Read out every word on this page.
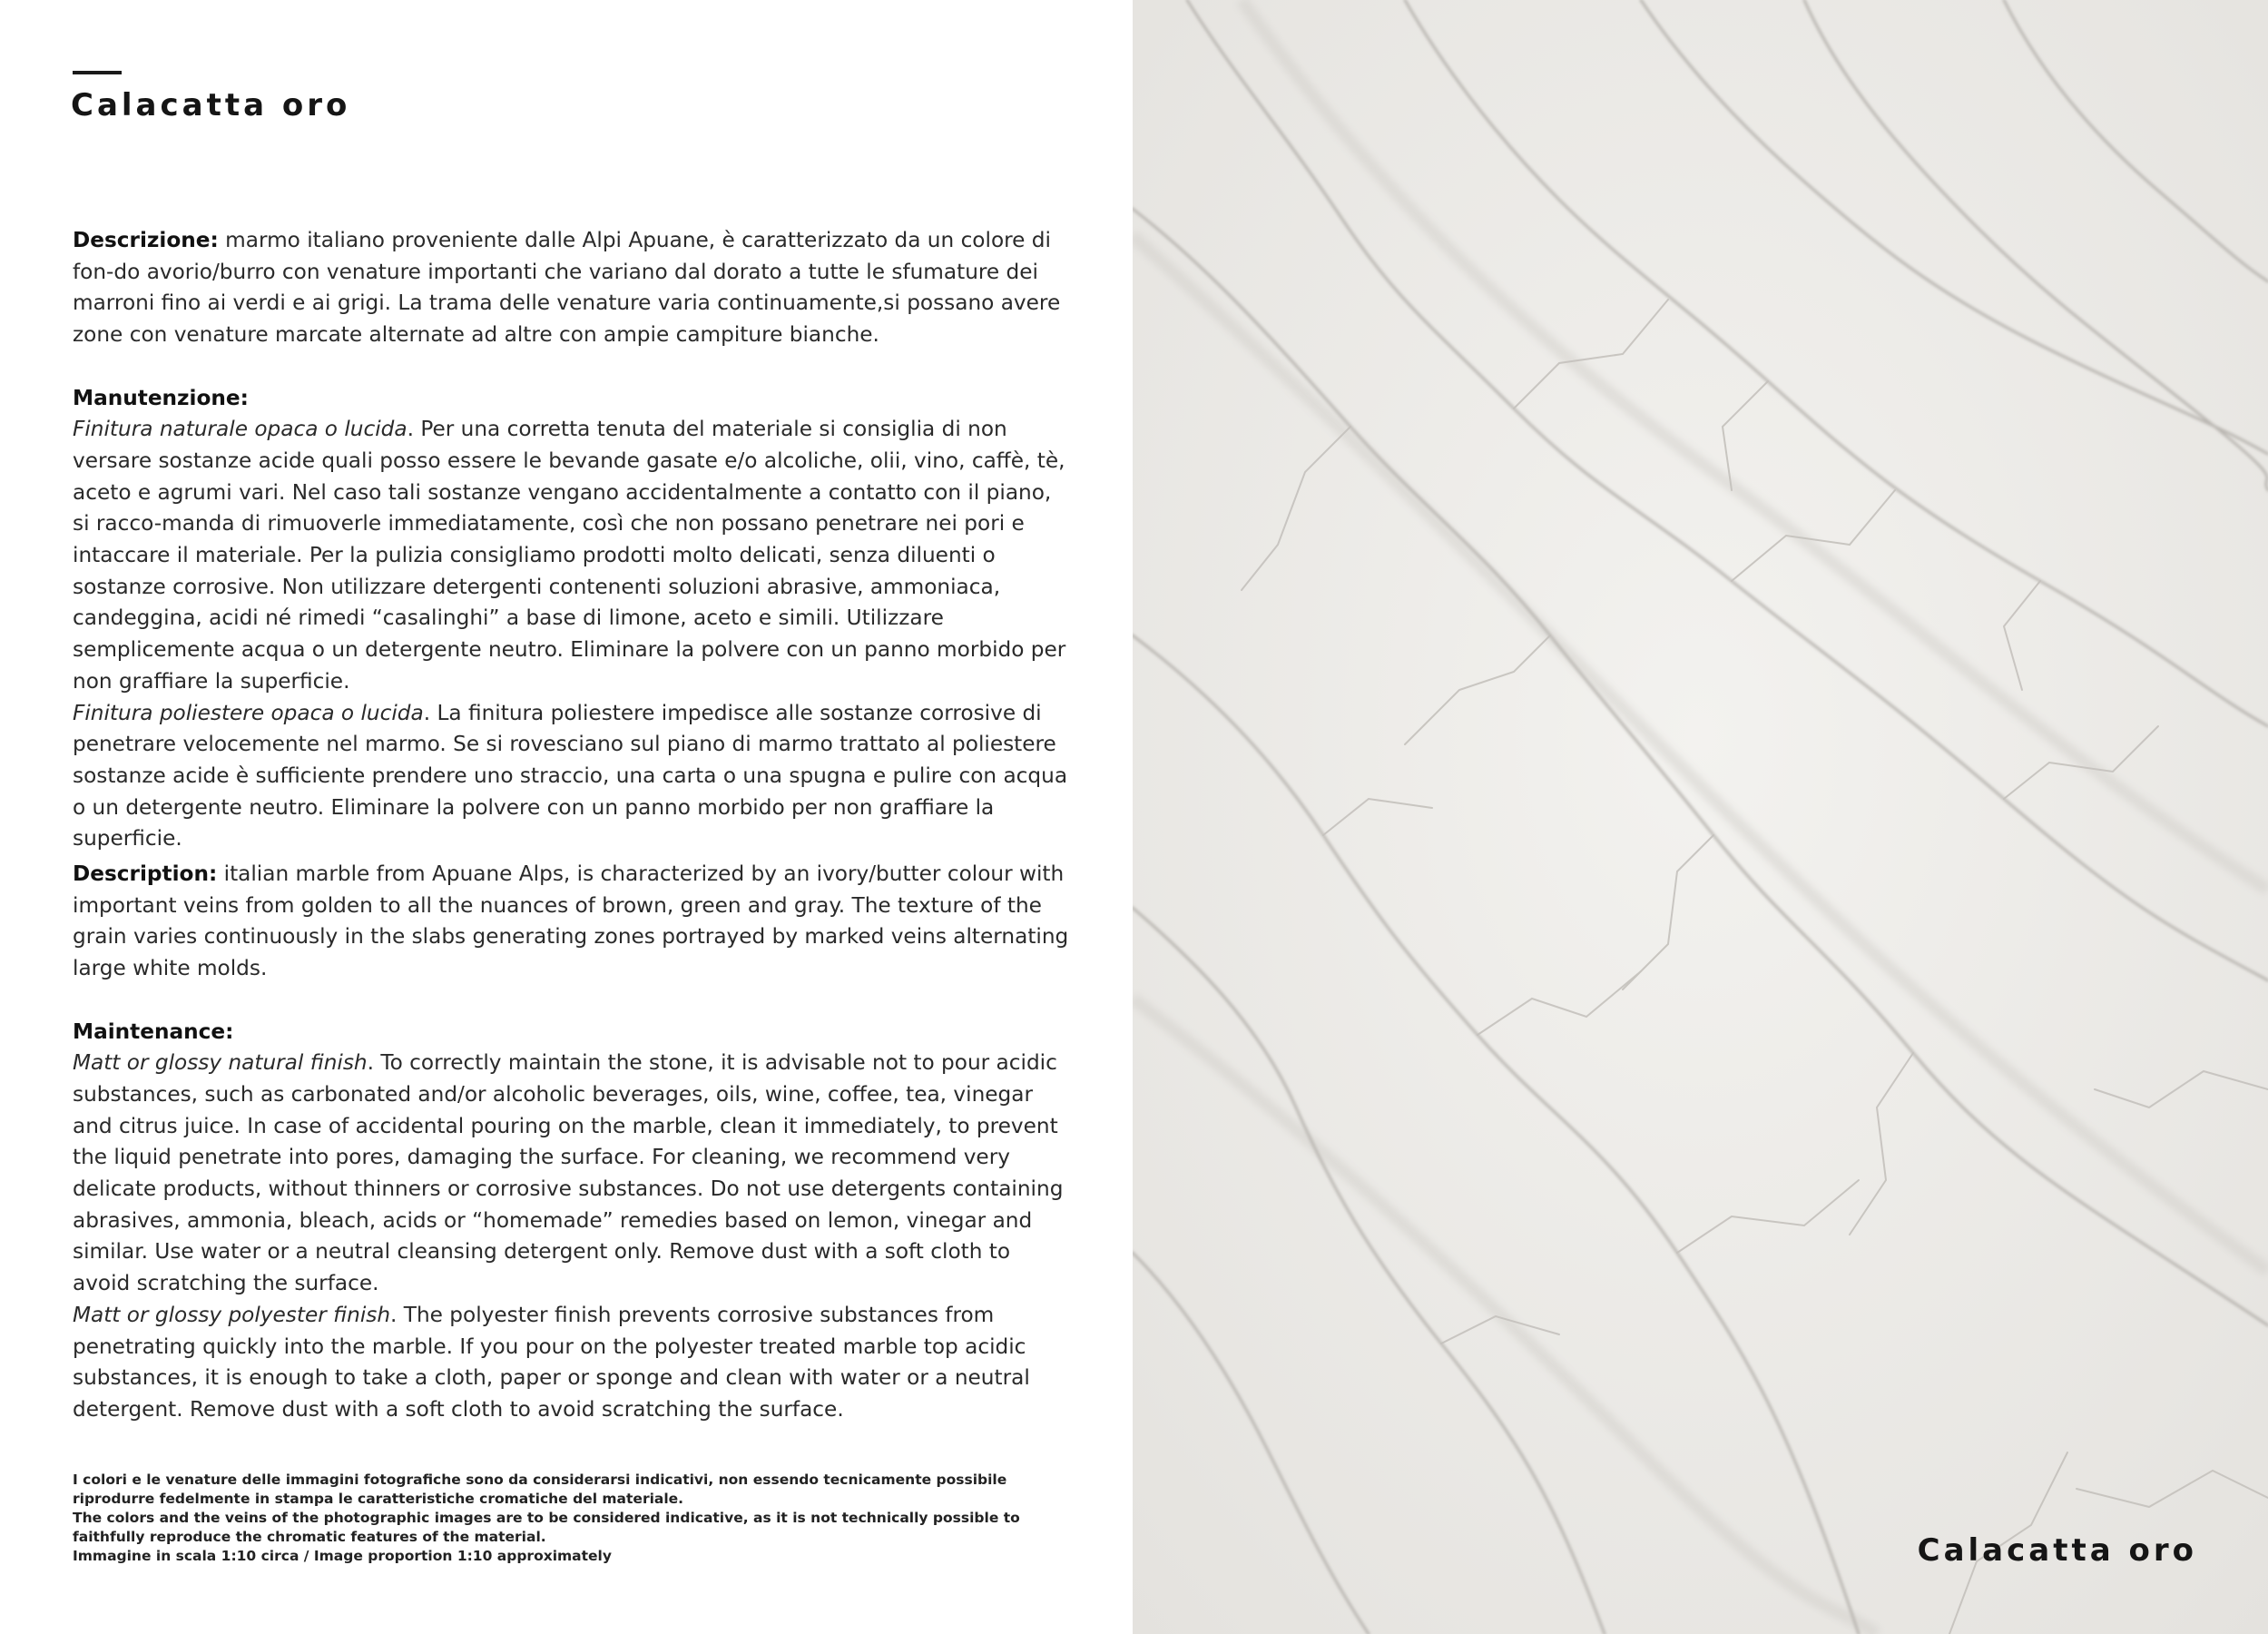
Calacatta oro

Descrizione: marmo italiano proveniente dalle Alpi Apuane, è caratterizzato da un colore di fon-do avorio/burro con venature importanti che variano dal dorato a tutte le sfumature dei marroni fino ai verdi e ai grigi. La trama delle venature varia continuamente,si possano avere zone con venature marcate alternate ad altre con ampie campiture bianche.

Manutenzione:

Finitura naturale opaca o lucida. Per una corretta tenuta del materiale si consiglia di non versare sostanze acide quali posso essere le bevande gasate e/o alcoliche, olii, vino, caffè, tè, aceto e agrumi vari. Nel caso tali sostanze vengano accidentalmente a contatto con il piano, si racco-manda di rimuoverle immediatamente, così che non possano penetrare nei pori e intaccare il materiale. Per la pulizia consigliamo prodotti molto delicati, senza diluenti o sostanze corrosive. Non utilizzare detergenti contenenti soluzioni abrasive, ammoniaca, candeggina, acidi né rimedi “casalinghi” a base di limone, aceto e simili. Utilizzare semplicemente acqua o un detergente neutro. Eliminare la polvere con un panno morbido per non graffiare la superficie.

Finitura poliestere opaca o lucida. La finitura poliestere impedisce alle sostanze corrosive di penetrare velocemente nel marmo. Se si rovesciano sul piano di marmo trattato al poliestere sostanze acide è sufficiente prendere uno straccio, una carta o una spugna e pulire con acqua o un detergente neutro. Eliminare la polvere con un panno morbido per non graffiare la superficie.

Description: italian marble from Apuane Alps, is characterized by an ivory/butter colour with important veins from golden to all the nuances of brown, green and gray. The texture of the grain varies continuously in the slabs generating zones portrayed by marked veins alternating large white molds.

Maintenance:

Matt or glossy natural finish. To correctly maintain the stone, it is advisable not to pour acidic substances, such as carbonated and/or alcoholic beverages, oils, wine, coffee, tea, vinegar and citrus juice. In case of accidental pouring on the marble, clean it immediately, to prevent the liquid penetrate into pores, damaging the surface. For cleaning, we recommend very delicate products, without thinners or corrosive substances. Do not use detergents containing abrasives, ammonia, bleach, acids or “homemade” remedies based on lemon, vinegar and similar. Use water or a neutral cleansing detergent only. Remove dust with a soft cloth to avoid scratching the surface.

Matt or glossy polyester finish. The polyester finish prevents corrosive substances from penetrating quickly into the marble. If you pour on the polyester treated marble top acidic substances, it is enough to take a cloth, paper or sponge and clean with water or a neutral detergent. Remove dust with a soft cloth to avoid scratching the surface.

I colori e le venature delle immagini fotografiche sono da considerarsi indicativi, non essendo tecnicamente possibile riprodurre fedelmente in stampa le caratteristiche cromatiche del materiale.

The colors and the veins of the photographic images are to be considered indicative, as it is not technically possible to faithfully reproduce the chromatic features of the material.

Immagine in scala 1:10 circa / Image proportion 1:10 approximately	Calacatta oro
